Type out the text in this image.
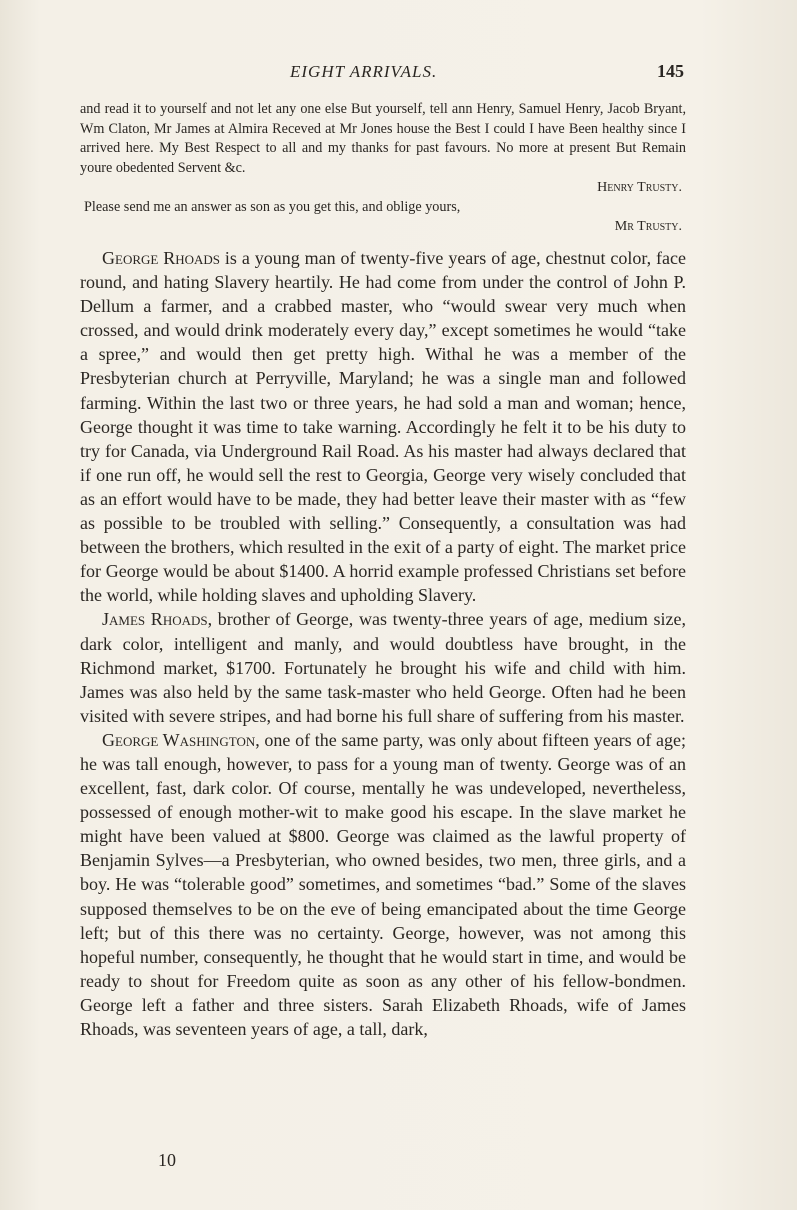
EIGHT ARRIVALS.	145

and read it to yourself and not let any one else But yourself, tell ann Henry, Samuel Henry, Jacob Bryant, Wm Claton, Mr James at Almira Receved at Mr Jones house the Best I could I have Been healthy since I arrived here. My Best Respect to all and my thanks for past favours. No more at present But Remain youre obedented Servent &c.

Henry Trusty.

Please send me an answer as son as you get this, and oblige yours,

Mr Trusty.

George Rhoads is a young man of twenty-five years of age, chestnut color, face round, and hating Slavery heartily. He had come from under the control of John P. Dellum a farmer, and a crabbed master, who “would swear very much when crossed, and would drink moderately every day,” except sometimes he would “take a spree,” and would then get pretty high. Withal he was a member of the Presbyterian church at Perryville, Maryland; he was a single man and followed farming. Within the last two or three years, he had sold a man and woman; hence, George thought it was time to take warning. Accordingly he felt it to be his duty to try for Canada, via Underground Rail Road. As his master had always declared that if one run off, he would sell the rest to Georgia, George very wisely concluded that as an effort would have to be made, they had better leave their master with as “few as possible to be troubled with selling.” Consequently, a consultation was had between the brothers, which resulted in the exit of a party of eight. The market price for George would be about $1400. A horrid example professed Christians set before the world, while holding slaves and upholding Slavery.

James Rhoads, brother of George, was twenty-three years of age, medium size, dark color, intelligent and manly, and would doubtless have brought, in the Richmond market, $1700. Fortunately he brought his wife and child with him. James was also held by the same task-master who held George. Often had he been visited with severe stripes, and had borne his full share of suffering from his master.

George Washington, one of the same party, was only about fifteen years of age; he was tall enough, however, to pass for a young man of twenty. George was of an excellent, fast, dark color. Of course, mentally he was undeveloped, nevertheless, possessed of enough mother-wit to make good his escape. In the slave market he might have been valued at $800. George was claimed as the lawful property of Benjamin Sylves—a Presbyterian, who owned besides, two men, three girls, and a boy. He was “tolerable good” sometimes, and sometimes “bad.” Some of the slaves supposed themselves to be on the eve of being emancipated about the time George left; but of this there was no certainty. George, however, was not among this hopeful number, consequently, he thought that he would start in time, and would be ready to shout for Freedom quite as soon as any other of his fellow-bondmen. George left a father and three sisters. Sarah Elizabeth Rhoads, wife of James Rhoads, was seventeen years of age, a tall, dark,

10
